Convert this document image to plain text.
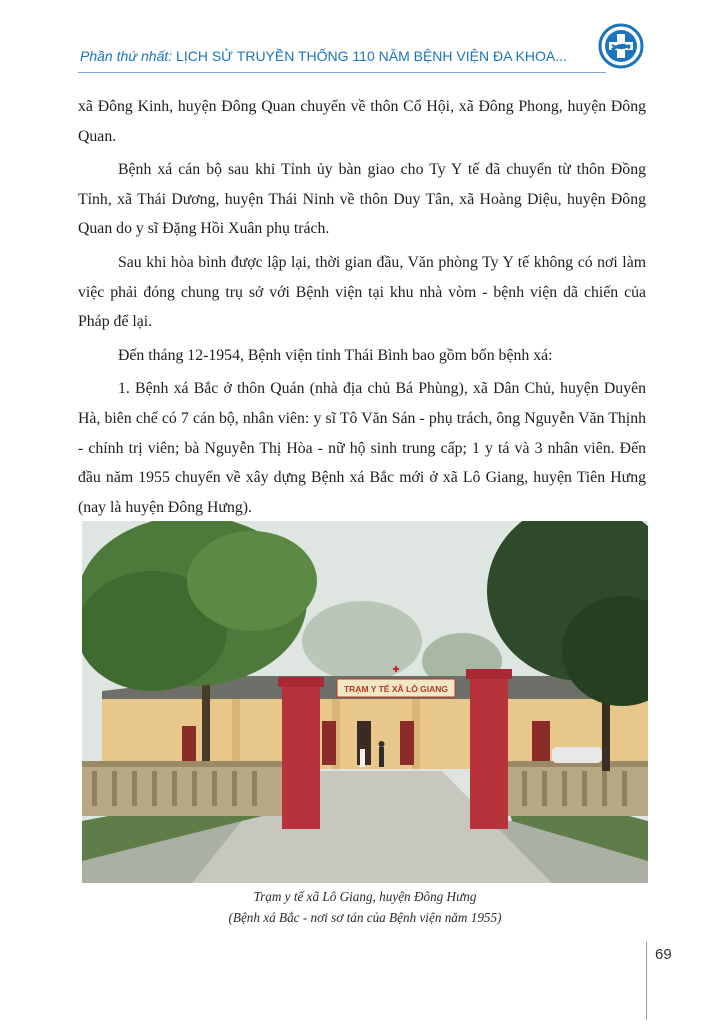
Phần thứ nhất: LỊCH SỬ TRUYỀN THỐNG 110 NĂM BỆNH VIỆN ĐA KHOA...

xã Đông Kinh, huyện Đông Quan chuyển về thôn Cổ Hội, xã Đông Phong, huyện Đông Quan.

Bệnh xá cán bộ sau khi Tỉnh ủy bàn giao cho Ty Y tế đã chuyển từ thôn Đồng Tỉnh, xã Thái Dương, huyện Thái Ninh về thôn Duy Tân, xã Hoàng Diệu, huyện Đông Quan do y sĩ Đặng Hồi Xuân phụ trách.

Sau khi hòa bình được lập lại, thời gian đầu, Văn phòng Ty Y tế không có nơi làm việc phải đóng chung trụ sở với Bệnh viện tại khu nhà vòm - bệnh viện dã chiến của Pháp để lại.

Đến tháng 12-1954, Bệnh viện tỉnh Thái Bình bao gồm bốn bệnh xá:

1. Bệnh xá Bắc ở thôn Quán (nhà địa chủ Bá Phùng), xã Dân Chủ, huyện Duyên Hà, biên chế có 7 cán bộ, nhân viên: y sĩ Tô Văn Sán - phụ trách, ông Nguyễn Văn Thịnh - chính trị viên; bà Nguyễn Thị Hòa - nữ hộ sinh trung cấp; 1 y tá và 3 nhân viên. Đến đầu năm 1955 chuyển về xây dựng Bệnh xá Bắc mới ở xã Lô Giang, huyện Tiên Hưng (nay là huyện Đông Hưng).

TRẠM Y TẾ XÃ LÔ GIANG
Trạm y tế xã Lô Giang, huyện Đông Hưng
(Bệnh xá Bắc - nơi sơ tán của Bệnh viện năm 1955)
69
